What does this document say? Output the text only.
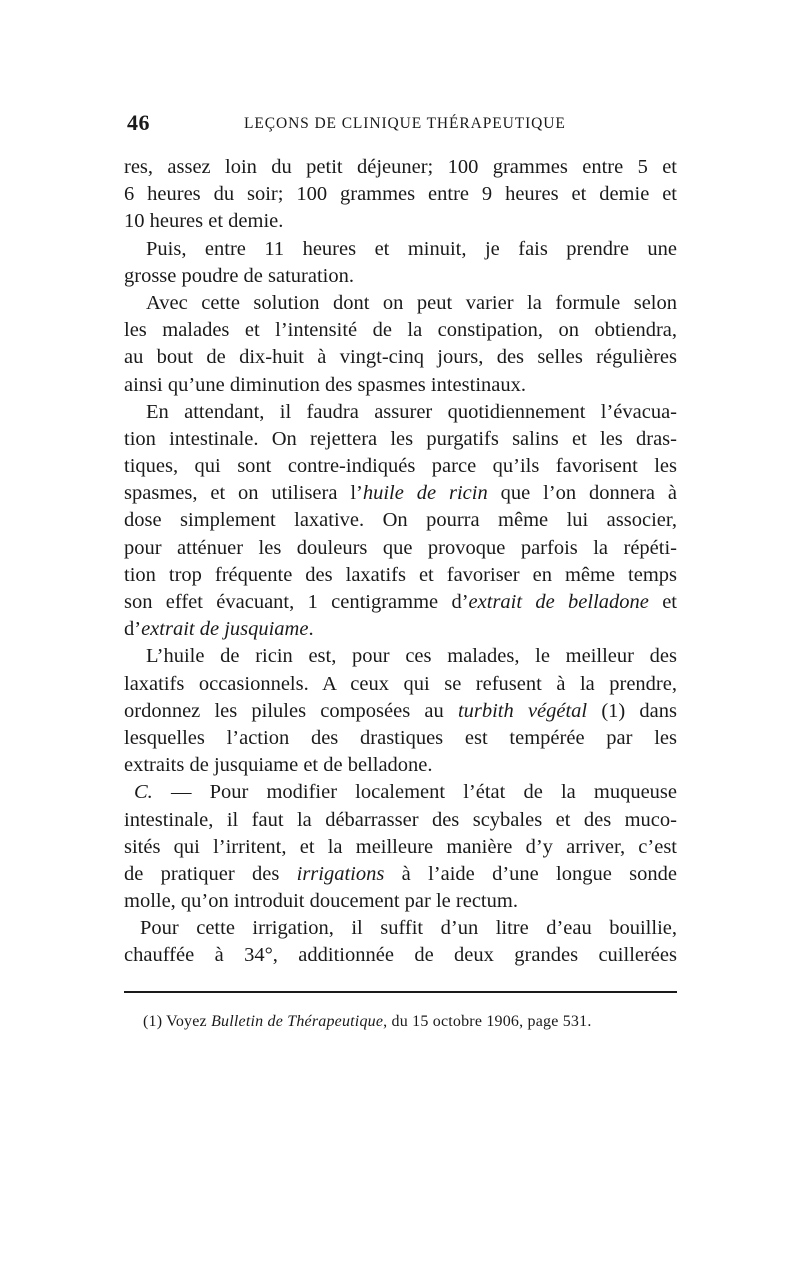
46	LEÇONS DE CLINIQUE THÉRAPEUTIQUE
res, assez loin du petit déjeuner; 100 grammes entre 5 et
6 heures du soir; 100 grammes entre 9 heures et demie et
10 heures et demie.
Puis, entre 11 heures et minuit, je fais prendre une
grosse poudre de saturation.
Avec cette solution dont on peut varier la formule selon
les malades et l’intensité de la constipation, on obtiendra,
au bout de dix-huit à vingt-cinq jours, des selles régulières
ainsi qu’une diminution des spasmes intestinaux.
En attendant, il faudra assurer quotidiennement l’évacua-
tion intestinale. On rejettera les purgatifs salins et les dras-
tiques, qui sont contre-indiqués parce qu’ils favorisent les
spasmes, et on utilisera l’huile de ricin que l’on donnera à
dose simplement laxative. On pourra même lui associer,
pour atténuer les douleurs que provoque parfois la répéti-
tion trop fréquente des laxatifs et favoriser en même temps
son effet évacuant, 1 centigramme d’extrait de belladone et
d’extrait de jusquiame.
L’huile de ricin est, pour ces malades, le meilleur des
laxatifs occasionnels. A ceux qui se refusent à la prendre,
ordonnez les pilules composées au turbith végétal (1) dans
lesquelles l’action des drastiques est tempérée par les
extraits de jusquiame et de belladone.
C. — Pour modifier localement l’état de la muqueuse
intestinale, il faut la débarrasser des scybales et des muco-
sités qui l’irritent, et la meilleure manière d’y arriver, c’est
de pratiquer des irrigations à l’aide d’une longue sonde
molle, qu’on introduit doucement par le rectum.
Pour cette irrigation, il suffit d’un litre d’eau bouillie,
chauffée à 34°, additionnée de deux grandes cuillerées
(1) Voyez Bulletin de Thérapeutique, du 15 octobre 1906, page 531.
